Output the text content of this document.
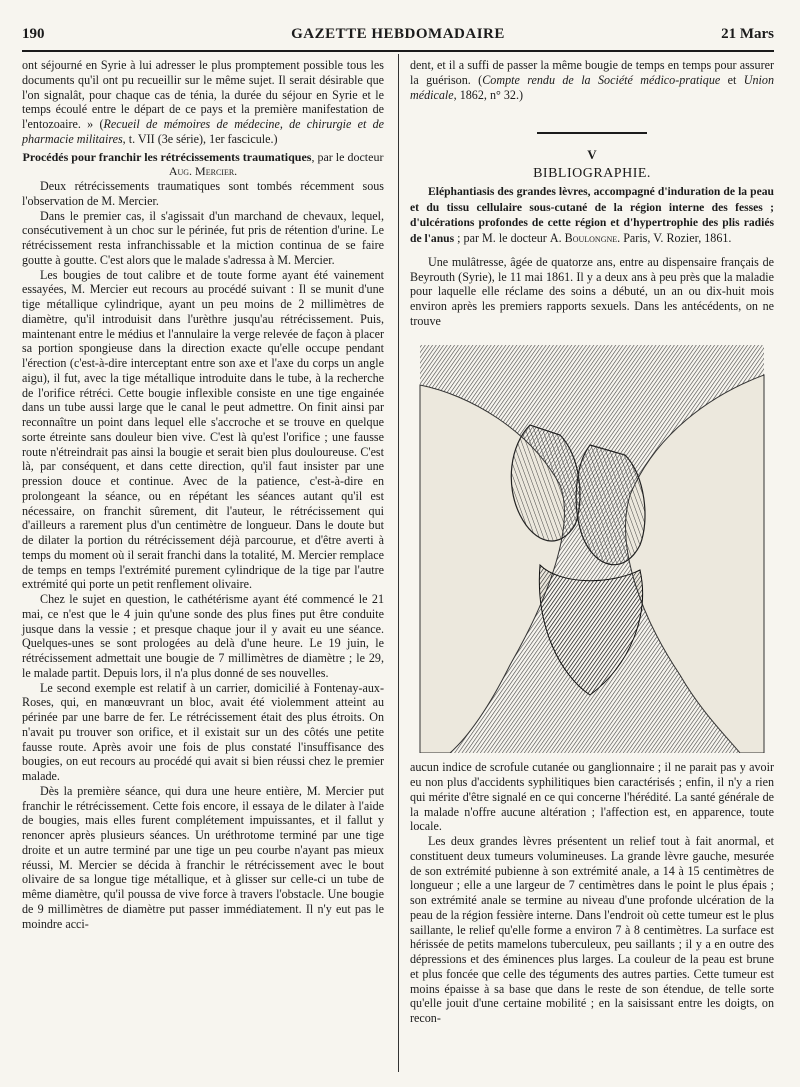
190	GAZETTE HEBDOMADAIRE	21 Mars

ont séjourné en Syrie à lui adresser le plus promptement possible tous les documents qu'il ont pu recueillir sur le même sujet. Il serait désirable que l'on signalât, pour chaque cas de ténia, la durée du séjour en Syrie et le temps écoulé entre le départ de ce pays et la première manifestation de l'entozoaire. » (Recueil de mémoires de médecine, de chirurgie et de pharmacie militaires, t. VII (3e série), 1er fascicule.)

Procédés pour franchir les rétrécissements traumatiques, par le docteur Aug. Mercier.

Deux rétrécissements traumatiques sont tombés récemment sous l'observation de M. Mercier.

Dans le premier cas, il s'agissait d'un marchand de chevaux, lequel, consécutivement à un choc sur le périnée, fut pris de rétention d'urine. Le rétrécissement resta infranchissable et la miction continua de se faire goutte à goutte. C'est alors que le malade s'adressa à M. Mercier.

Les bougies de tout calibre et de toute forme ayant été vainement essayées, M. Mercier eut recours au procédé suivant : Il se munit d'une tige métallique cylindrique, ayant un peu moins de 2 millimètres de diamètre, qu'il introduisit dans l'urèthre jusqu'au rétrécissement. Puis, maintenant entre le médius et l'annulaire la verge relevée de façon à placer sa portion spongieuse dans la direction exacte qu'elle occupe pendant l'érection (c'est-à-dire interceptant entre son axe et l'axe du corps un angle aigu), il fut, avec la tige métallique introduite dans le tube, à la recherche de l'orifice rétréci. Cette bougie inflexible consiste en une tige engainée dans un tube aussi large que le canal le peut admettre. On finit ainsi par reconnaître un point dans lequel elle s'accroche et se trouve en quelque sorte étreinte sans douleur bien vive. C'est là qu'est l'orifice ; une fausse route n'étreindrait pas ainsi la bougie et serait bien plus douloureuse. C'est là, par conséquent, et dans cette direction, qu'il faut insister par une pression douce et continue. Avec de la patience, c'est-à-dire en prolongeant la séance, ou en répétant les séances autant qu'il est nécessaire, on franchit sûrement, dit l'auteur, le rétrécissement qui d'ailleurs a rarement plus d'un centimètre de longueur. Dans le doute but de dilater la portion du rétrécissement déjà parcourue, et d'être averti à temps du moment où il serait franchi dans la totalité, M. Mercier remplace de temps en temps l'extrémité purement cylindrique de la tige par l'autre extrémité qui porte un petit renflement olivaire.

Chez le sujet en question, le cathétérisme ayant été commencé le 21 mai, ce n'est que le 4 juin qu'une sonde des plus fines put être conduite jusque dans la vessie ; et presque chaque jour il y avait eu une séance. Quelques-unes se sont prologées au delà d'une heure. Le 19 juin, le rétrécissement admettait une bougie de 7 millimètres de diamètre ; le 29, le malade partit. Depuis lors, il n'a plus donné de ses nouvelles.

Le second exemple est relatif à un carrier, domicilié à Fontenay-aux-Roses, qui, en manœuvrant un bloc, avait été violemment atteint au périnée par une barre de fer. Le rétrécissement était des plus étroits. On n'avait pu trouver son orifice, et il existait sur un des côtés une petite fausse route. Après avoir une fois de plus constaté l'insuffisance des bougies, on eut recours au procédé qui avait si bien réussi chez le premier malade.

Dès la première séance, qui dura une heure entière, M. Mercier put franchir le rétrécissement. Cette fois encore, il essaya de le dilater à l'aide de bougies, mais elles furent complétement impuissantes, et il fallut y renoncer après plusieurs séances. Un uréthrotome terminé par une tige droite et un autre terminé par une tige un peu courbe n'ayant pas mieux réussi, M. Mercier se décida à franchir le rétrécissement avec le bout olivaire de sa longue tige métallique, et à glisser sur celle-ci un tube de même diamètre, qu'il poussa de vive force à travers l'obstacle. Une bougie de 9 millimètres de diamètre put passer immédiatement. Il n'y eut pas le moindre acci-

dent, et il a suffi de passer la même bougie de temps en temps pour assurer la guérison. (Compte rendu de la Société médico-pratique et Union médicale, 1862, n° 32.)

V

BIBLIOGRAPHIE.

Eléphantiasis des grandes lèvres, accompagné d'induration de la peau et du tissu cellulaire sous-cutané de la région interne des fesses ; d'ulcérations profondes de cette région et d'hypertrophie des plis radiés de l'anus ; par M. le docteur A. Boulongne. Paris, V. Rozier, 1861.

Une mulâtresse, âgée de quatorze ans, entre au dispensaire français de Beyrouth (Syrie), le 11 mai 1861. Il y a deux ans à peu près que la maladie pour laquelle elle réclame des soins a débuté, un an ou dix-huit mois environ après les premiers rapports sexuels. Dans les antécédents, on ne trouve

aucun indice de scrofule cutanée ou ganglionnaire ; il ne parait pas y avoir eu non plus d'accidents syphilitiques bien caractérisés ; enfin, il n'y a rien qui mérite d'être signalé en ce qui concerne l'hérédité. La santé générale de la malade n'offre aucune altération ; l'affection est, en apparence, toute locale.

Les deux grandes lèvres présentent un relief tout à fait anormal, et constituent deux tumeurs volumineuses. La grande lèvre gauche, mesurée de son extrémité pubienne à son extrémité anale, a 14 à 15 centimètres de longueur ; elle a une largeur de 7 centimètres dans le point le plus épais ; son extrémité anale se termine au niveau d'une profonde ulcération de la peau de la région fessière interne. Dans l'endroit où cette tumeur est le plus saillante, le relief qu'elle forme a environ 7 à 8 centimètres. La surface est hérissée de petits mamelons tuberculeux, peu saillants ; il y a en outre des dépressions et des éminences plus larges. La couleur de la peau est brune et plus foncée que celle des téguments des autres parties. Cette tumeur est moins épaisse à sa base que dans le reste de son étendue, de telle sorte qu'elle jouit d'une certaine mobilité ; en la saisissant entre les doigts, on recon-
